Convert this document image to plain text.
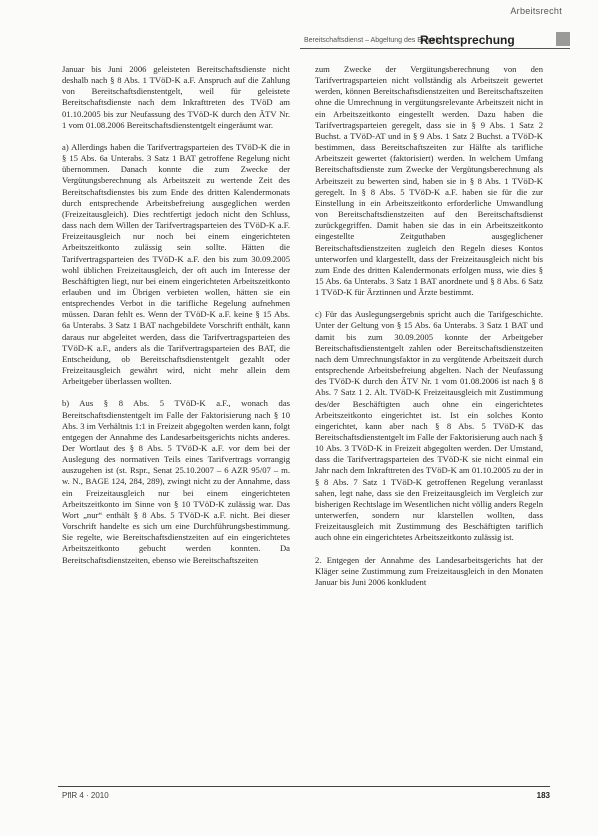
Arbeitsrecht
Bereitschaftsdienst – Abgeltung des Entgelts
Rechtsprechung

Januar bis Juni 2006 geleisteten Bereitschaftsdienste nicht deshalb nach § 8 Abs. 1 TVöD-K a.F. Anspruch auf die Zahlung von Bereitschaftsdienstentgelt, weil für geleistete Bereitschaftsdienste nach dem Inkrafttreten des TVöD am 01.10.2005 bis zur Neufassung des TVöD-K durch den ÄTV Nr. 1 vom 01.08.2006 Bereitschaftsdienstentgelt eingeräumt war.

a) Allerdings haben die Tarifvertragsparteien des TVöD-K die in § 15 Abs. 6a Unterabs. 3 Satz 1 BAT getroffene Regelung nicht übernommen. Danach konnte die zum Zwecke der Vergütungsberechnung als Arbeitszeit zu wertende Zeit des Bereitschaftsdienstes bis zum Ende des dritten Kalendermonats durch entsprechende Arbeitsbefreiung ausgeglichen werden (Freizeitausgleich). Dies rechtfertigt jedoch nicht den Schluss, dass nach dem Willen der Tarifvertragsparteien des TVöD-K a.F. Freizeitausgleich nur noch bei einem eingerichteten Arbeitszeitkonto zulässig sein sollte. Hätten die Tarifvertragsparteien des TVöD-K a.F. den bis zum 30.09.2005 wohl üblichen Freizeitausgleich, der oft auch im Interesse der Beschäftigten liegt, nur bei einem eingerichteten Arbeitszeitkonto erlauben und im Übrigen verbieten wollen, hätten sie ein entsprechendes Verbot in die tarifliche Regelung aufnehmen müssen. Daran fehlt es. Wenn der TVöD-K a.F. keine § 15 Abs. 6a Unterabs. 3 Satz 1 BAT nachgebildete Vorschrift enthält, kann daraus nur abgeleitet werden, dass die Tarifvertragsparteien des TVöD-K a.F., anders als die Tarifvertragsparteien des BAT, die Entscheidung, ob Bereitschaftsdienstentgelt gezahlt oder Freizeitausgleich gewährt wird, nicht mehr allein dem Arbeitgeber überlassen wollten.

b) Aus § 8 Abs. 5 TVöD-K a.F., wonach das Bereitschaftsdienstentgelt im Falle der Faktorisierung nach § 10 Abs. 3 im Verhältnis 1:1 in Freizeit abgegolten werden kann, folgt entgegen der Annahme des Landesarbeitsgerichts nichts anderes. Der Wortlaut des § 8 Abs. 5 TVöD-K a.F. vor dem bei der Auslegung des normativen Teils eines Tarifvertrags vorrangig auszugehen ist (st. Rspr., Senat 25.10.2007 – 6 AZR 95/07 – m. w. N., BAGE 124, 284, 289), zwingt nicht zu der Annahme, dass ein Freizeitausgleich nur bei einem eingerichteten Arbeitszeitkonto im Sinne von § 10 TVöD-K zulässig war. Das Wort „nur“ enthält § 8 Abs. 5 TVöD-K a.F. nicht. Bei dieser Vorschrift handelte es sich um eine Durchführungsbestimmung. Sie regelte, wie Bereitschaftsdienstzeiten auf ein eingerichtetes Arbeitszeitkonto gebucht werden konnten. Da Bereitschaftsdienstzeiten, ebenso wie Bereitschaftszeiten

zum Zwecke der Vergütungsberechnung von den Tarifvertragsparteien nicht vollständig als Arbeitszeit gewertet werden, können Bereitschaftsdienstzeiten und Bereitschaftszeiten ohne die Umrechnung in vergütungsrelevante Arbeitszeit nicht in ein Arbeitszeitkonto eingestellt werden. Dazu haben die Tarifvertragsparteien geregelt, dass sie in § 9 Abs. 1 Satz 2 Buchst. a TVöD-AT und in § 9 Abs. 1 Satz 2 Buchst. a TVöD-K bestimmen, dass Bereitschaftszeiten zur Hälfte als tarifliche Arbeitszeit gewertet (faktorisiert) werden. In welchem Umfang Bereitschaftsdienste zum Zwecke der Vergütungsberechnung als Arbeitszeit zu bewerten sind, haben sie in § 8 Abs. 1 TVöD-K geregelt. In § 8 Abs. 5 TVöD-K a.F. haben sie für die zur Einstellung in ein Arbeitszeitkonto erforderliche Umwandlung von Bereitschaftsdienstzeiten auf den Bereitschaftsdienst zurückgegriffen. Damit haben sie das in ein Arbeitszeitkonto eingestellte Zeitguthaben ausgeglichener Bereitschaftsdienstzeiten zugleich den Regeln dieses Kontos unterworfen und klargestellt, dass der Freizeitausgleich nicht bis zum Ende des dritten Kalendermonats erfolgen muss, wie dies § 15 Abs. 6a Unterabs. 3 Satz 1 BAT anordnete und § 8 Abs. 6 Satz 1 TVöD-K für Ärztinnen und Ärzte bestimmt.

c) Für das Auslegungsergebnis spricht auch die Tarifgeschichte. Unter der Geltung von § 15 Abs. 6a Unterabs. 3 Satz 1 BAT und damit bis zum 30.09.2005 konnte der Arbeitgeber Bereitschaftsdienstentgelt zahlen oder Bereitschaftsdienstzeiten nach dem Umrechnungsfaktor in zu vergütende Arbeitszeit durch entsprechende Arbeitsbefreiung abgelten. Nach der Neufassung des TVöD-K durch den ÄTV Nr. 1 vom 01.08.2006 ist nach § 8 Abs. 7 Satz 1 2. Alt. TVöD-K Freizeitausgleich mit Zustimmung des/der Beschäftigten auch ohne ein eingerichtetes Arbeitszeitkonto eingerichtet ist. Ist ein solches Konto eingerichtet, kann aber nach § 8 Abs. 5 TVöD-K das Bereitschaftsdienstentgelt im Falle der Faktorisierung auch nach § 10 Abs. 3 TVöD-K in Freizeit abgegolten werden. Der Umstand, dass die Tarifvertragsparteien des TVöD-K sie nicht einmal ein Jahr nach dem Inkrafttreten des TVöD-K am 01.10.2005 zu der in § 8 Abs. 7 Satz 1 TVöD-K getroffenen Regelung veranlasst sahen, legt nahe, dass sie den Freizeitausgleich im Vergleich zur bisherigen Rechtslage im Wesentlichen nicht völlig anders Regeln unterwerfen, sondern nur klarstellen wollten, dass Freizeitausgleich mit Zustimmung des Beschäftigten tariflich auch ohne ein eingerichtetes Arbeitszeitkonto zulässig ist.

2. Entgegen der Annahme des Landesarbeitsgerichts hat der Kläger seine Zustimmung zum Freizeitausgleich in den Monaten Januar bis Juni 2006 konkludent

PflR 4 · 2010	183
